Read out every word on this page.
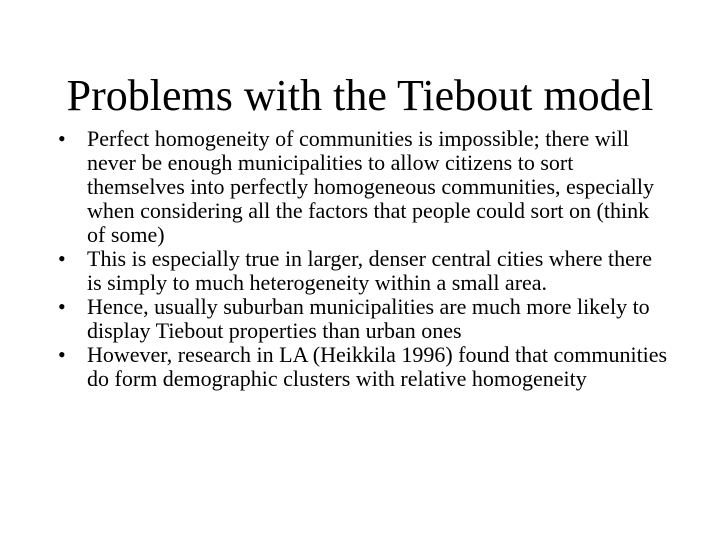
Problems with the Tiebout model
• Perfect homogeneity of communities is impossible; there will never be enough municipalities to allow citizens to sort themselves into perfectly homogeneous communities, especially when considering all the factors that people could sort on (think of some)
• This is especially true in larger, denser central cities where there is simply to much heterogeneity within a small area.
• Hence, usually suburban municipalities are much more likely to display Tiebout properties than urban ones
• However, research in LA (Heikkila 1996) found that communities do form demographic clusters with relative homogeneity
